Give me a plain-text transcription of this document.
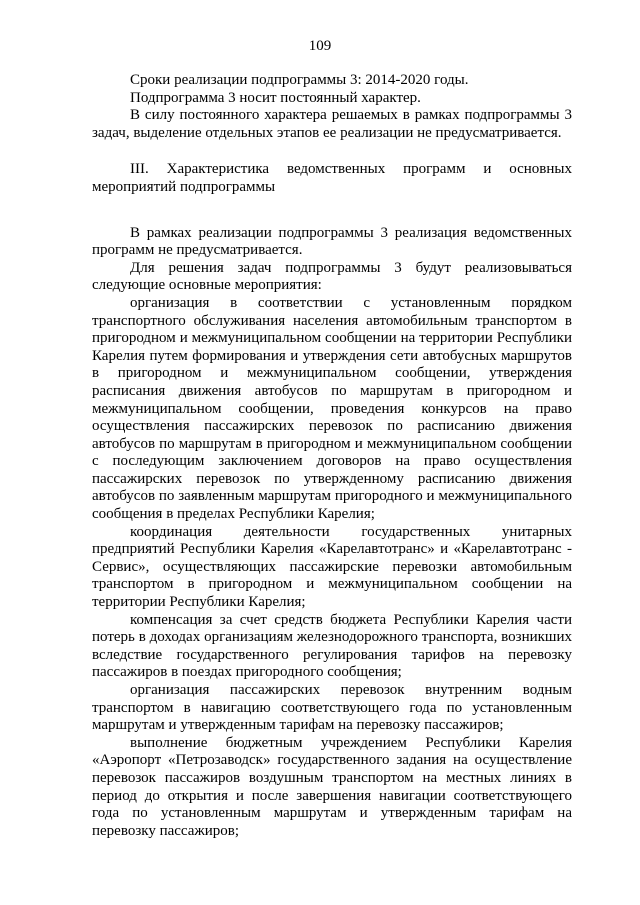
109

Сроки реализации подпрограммы 3: 2014-2020 годы.

Подпрограмма 3 носит постоянный характер.

В силу постоянного характера решаемых в рамках подпрограммы 3 задач, выделение отдельных этапов ее реализации не предусматривается.

III. Характеристика ведомственных программ и основных мероприятий подпрограммы

В рамках реализации подпрограммы 3 реализация ведомственных программ не предусматривается.

Для решения задач подпрограммы 3 будут реализовываться следующие основные мероприятия:

организация в соответствии с установленным порядком транспортного обслуживания населения автомобильным транспортом в пригородном и межмуниципальном сообщении на территории Республики Карелия путем формирования и утверждения сети автобусных маршрутов в пригородном и межмуниципальном сообщении, утверждения расписания движения автобусов по маршрутам в пригородном и межмуниципальном сообщении, проведения конкурсов на право осуществления пассажирских перевозок по расписанию движения автобусов по маршрутам в пригородном и межмуниципальном сообщении с последующим заключением договоров на право осуществления пассажирских перевозок по утвержденному расписанию движения автобусов по заявленным маршрутам пригородного и межмуниципального сообщения в пределах Республики Карелия;

координация деятельности государственных унитарных предприятий Республики Карелия «Карелавтотранс» и «Карелавтотранс - Сервис», осуществляющих пассажирские перевозки автомобильным транспортом в пригородном и межмуниципальном сообщении на территории Республики Карелия;

компенсация за счет средств бюджета Республики Карелия части потерь в доходах организациям железнодорожного транспорта, возникших вследствие государственного регулирования тарифов на перевозку пассажиров в поездах пригородного сообщения;

организация пассажирских перевозок внутренним водным транспортом в навигацию соответствующего года по установленным маршрутам и утвержденным тарифам на перевозку пассажиров;

выполнение бюджетным учреждением Республики Карелия «Аэропорт «Петрозаводск» государственного задания на осуществление перевозок пассажиров воздушным транспортом на местных линиях в период до открытия и после завершения навигации соответствующего года по установленным маршрутам и утвержденным тарифам на перевозку пассажиров;
